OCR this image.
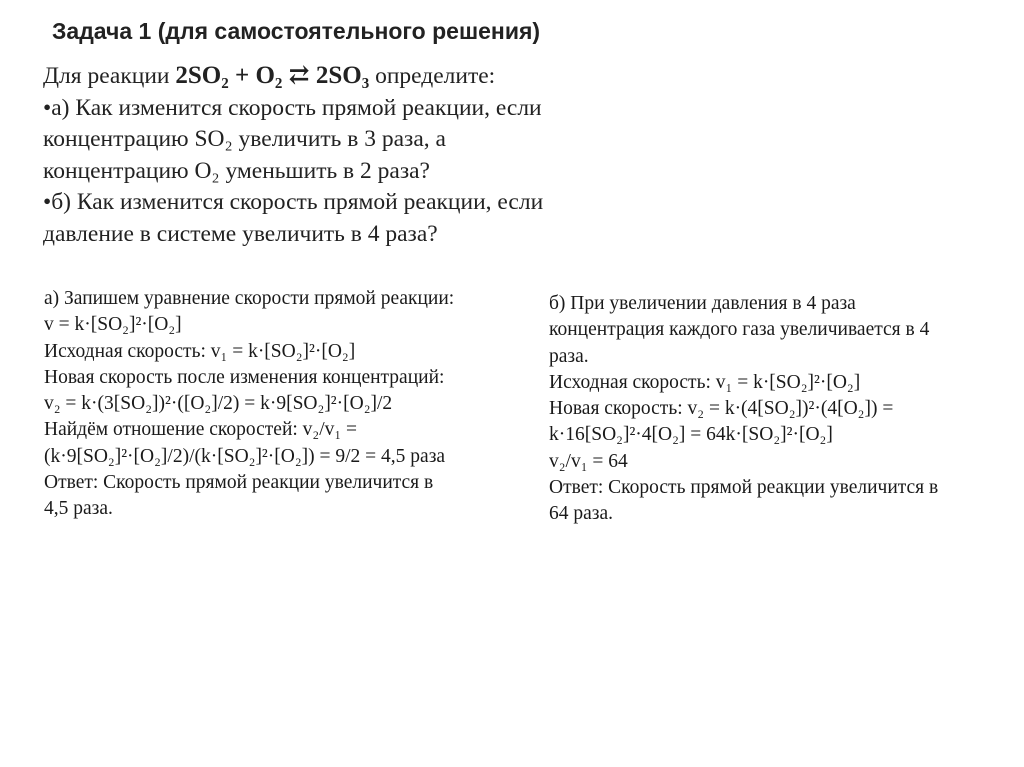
Задача 1 (для самостоятельного решения)
Для реакции 2SO₂ + O₂ ⇄ 2SO₃ определите:
•а) Как изменится скорость прямой реакции, если
концентрацию SO₂ увеличить в 3 раза, а
концентрацию O₂ уменьшить в 2 раза?
•б) Как изменится скорость прямой реакции, если
давление в системе увеличить в 4 раза?
а) Запишем уравнение скорости прямой реакции:
v = k·[SO₂]²·[O₂]
Исходная скорость: v₁ = k·[SO₂]²·[O₂]
Новая скорость после изменения концентраций:
v₂ = k·(3[SO₂])²·([O₂]/2) = k·9[SO₂]²·[O₂]/2
Найдём отношение скоростей: v₂/v₁ =
(k·9[SO₂]²·[O₂]/2)/(k·[SO₂]²·[O₂]) = 9/2 = 4,5 раза
Ответ: Скорость прямой реакции увеличится в
4,5 раза.
б) При увеличении давления в 4 раза
концентрация каждого газа увеличивается в 4
раза.
Исходная скорость: v₁ = k·[SO₂]²·[O₂]
Новая скорость: v₂ = k·(4[SO₂])²·(4[O₂]) =
k·16[SO₂]²·4[O₂] = 64k·[SO₂]²·[O₂]
v₂/v₁ = 64
Ответ: Скорость прямой реакции увеличится в
64 раза.
